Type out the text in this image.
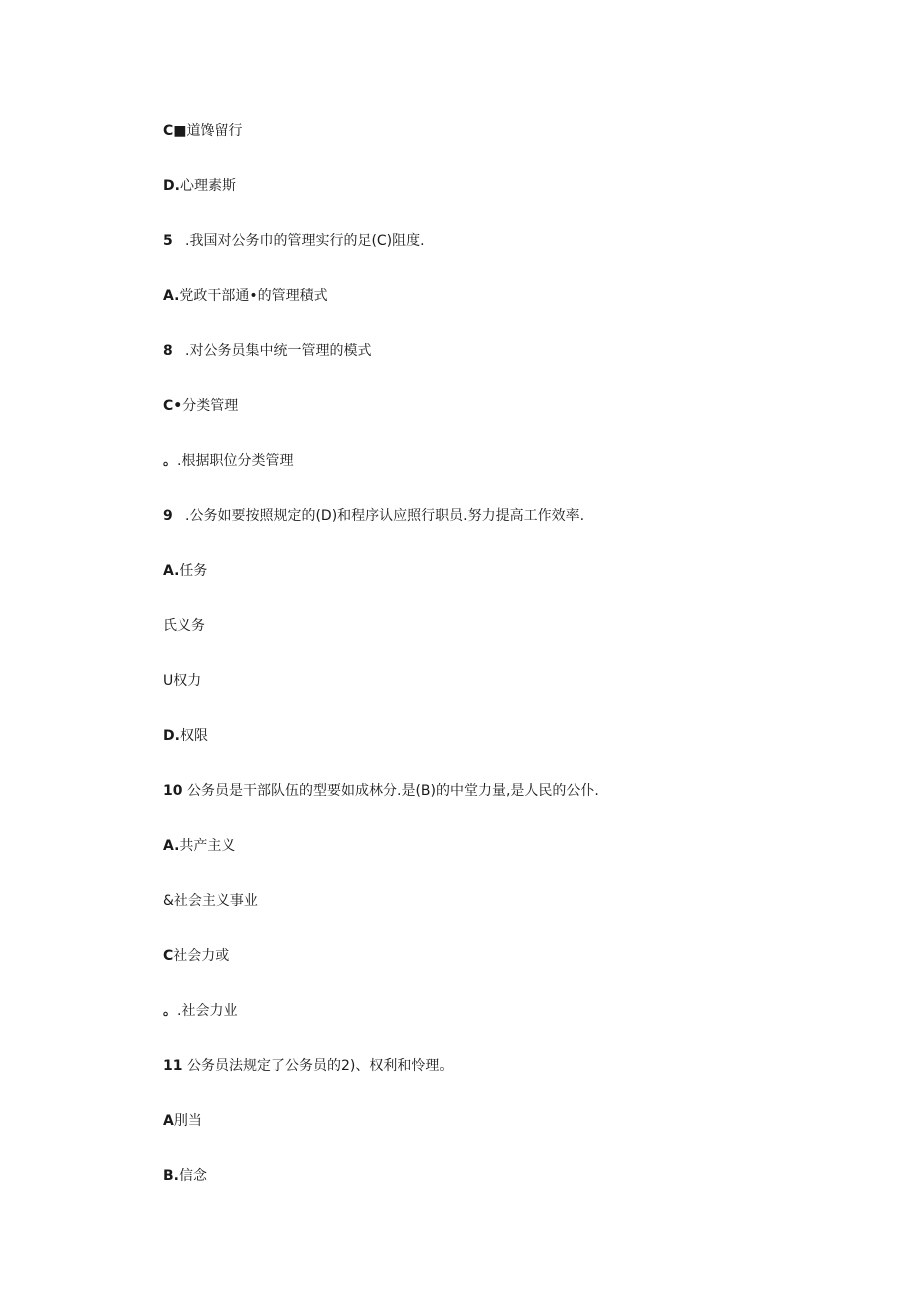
C■道馋留行
D.心理素斯
5 .我国对公务巾的管理实行的足(C)阻度.
A.党政干部通•的管理積式
8 .对公务员集中统一管理的模式
C•分类管理
。.根据职位分类管理
9 .公务如要按照规定的(D)和程序认应照行职员.努力提高工作效率.
A.任务
氏义务
U权力
D.权限
10 公务员是干部队伍的型要如成林分.是(B)的中堂力量,是人民的公仆.
A.共产主义
&社会主义事业
C社会力或
。.社会力业
11 公务员法规定了公务员的2)、权利和怜理。
A刖当
B.信念
